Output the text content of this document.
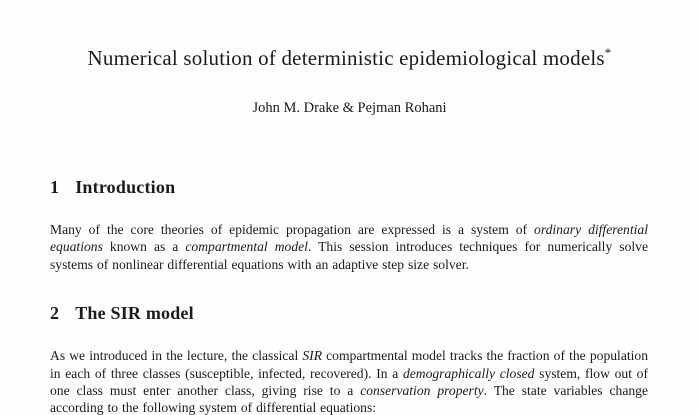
Numerical solution of deterministic epidemiological models*
John M. Drake & Pejman Rohani
1 Introduction

Many of the core theories of epidemic propagation are expressed is a system of ordinary differential equations known as a compartmental model. This session introduces techniques for numerically solve systems of nonlinear differential equations with an adaptive step size solver.

2 The SIR model

As we introduced in the lecture, the classical SIR compartmental model tracks the fraction of the population in each of three classes (susceptible, infected, recovered). In a demographically closed system, flow out of one class must enter another class, giving rise to a conservation property. The state variables change according to the following system of differential equations:
